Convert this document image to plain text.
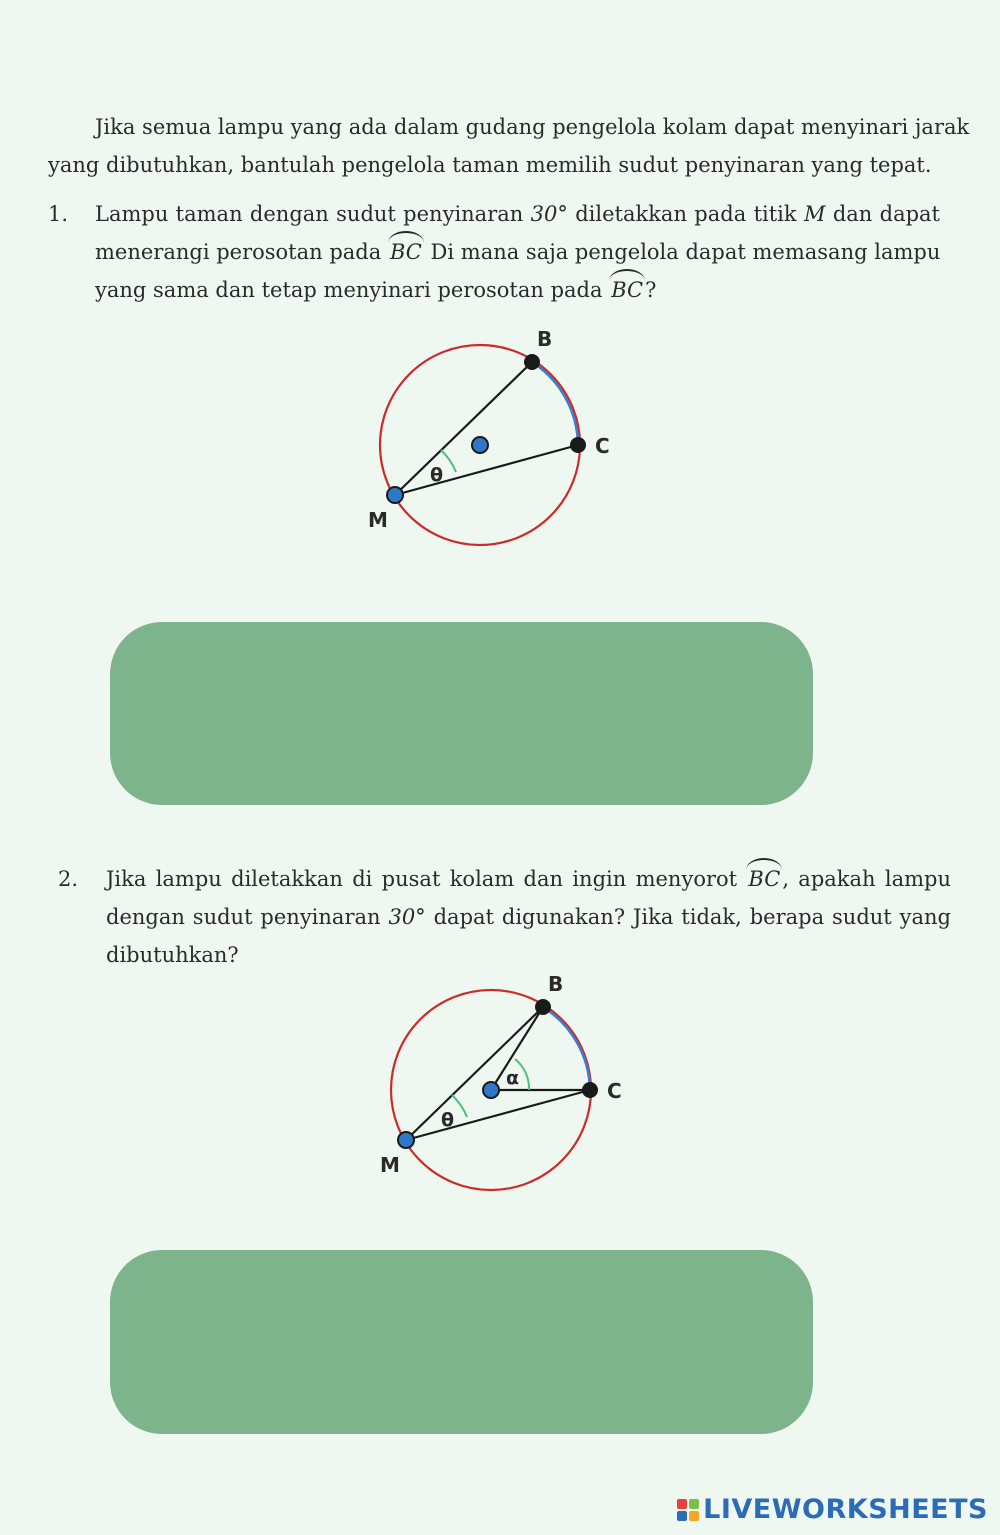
Jika semua lampu yang ada dalam gudang pengelola kolam dapat menyinari jarak
yang dibutuhkan, bantulah pengelola taman memilih sudut penyinaran yang tepat.
1. Lampu taman dengan sudut penyinaran 30° diletakkan pada titik M dan dapat
menerangi perosotan pada BC Di mana saja pengelola dapat memasang lampu
yang sama dan tetap menyinari perosotan pada BC?
B
C
M
θ
2. Jika lampu diletakkan di pusat kolam dan ingin menyorot BC, apakah lampu
dengan sudut penyinaran 30° dapat digunakan? Jika tidak, berapa sudut yang
dibutuhkan?
B
C
M
θ
α
LIVEWORKSHEETS
